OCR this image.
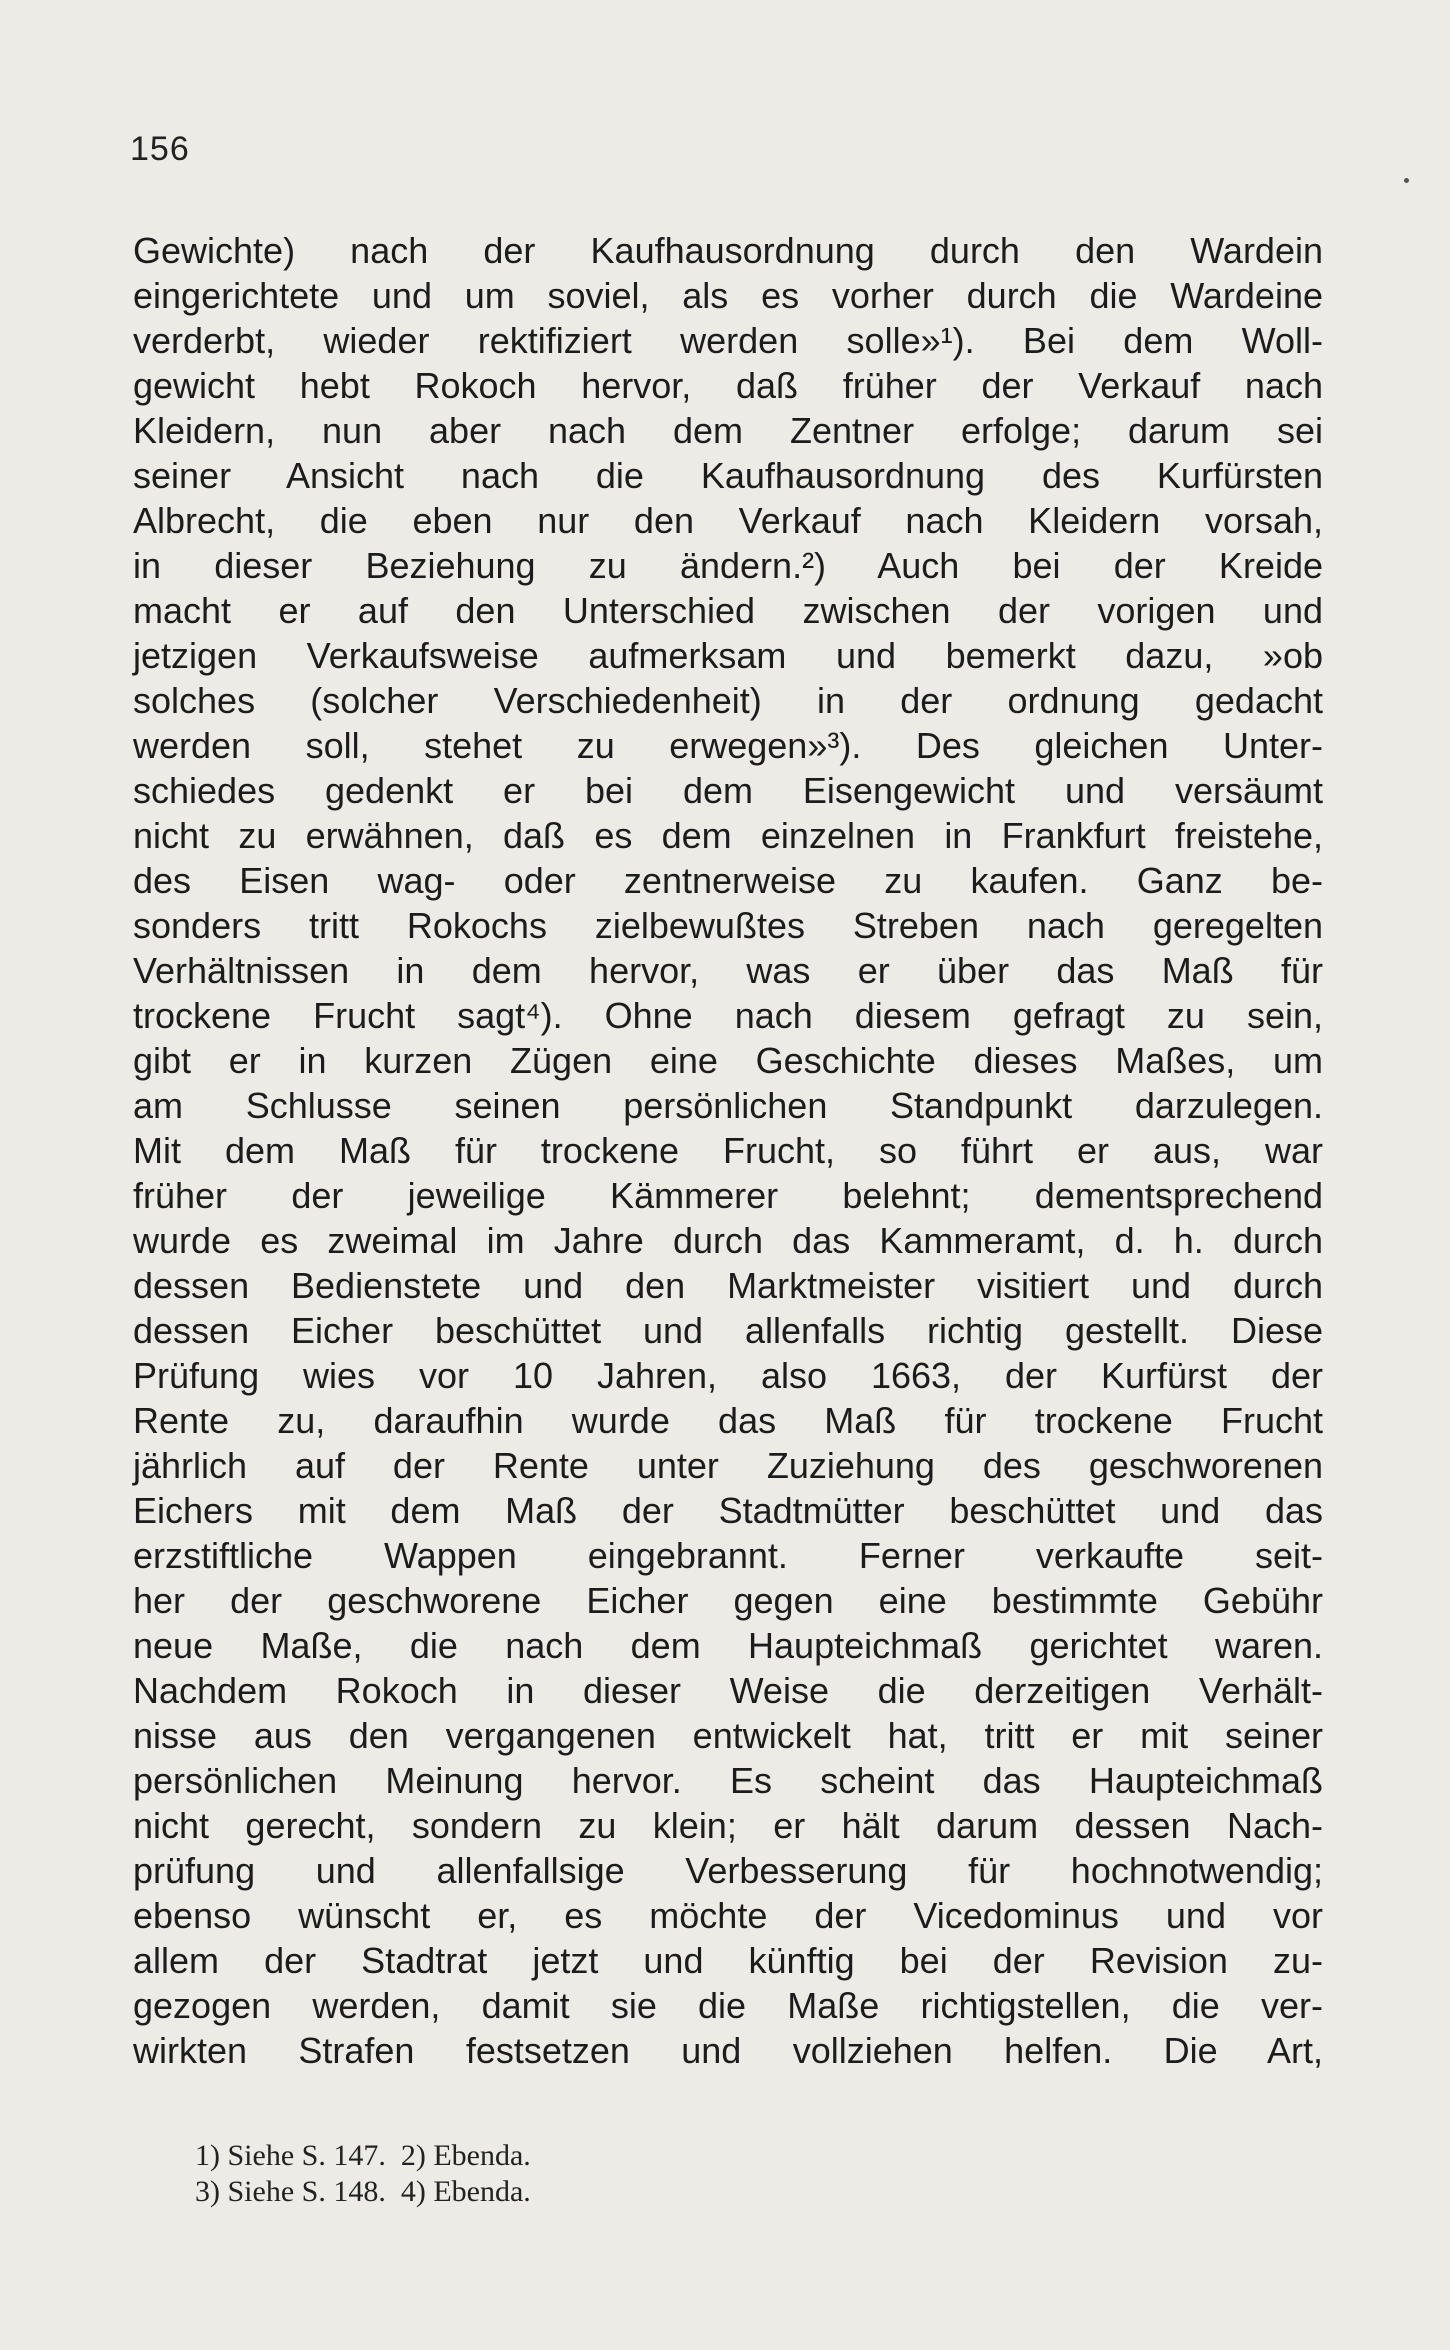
156
Gewichte) nach der Kaufhausordnung durch den Wardein
eingerichtete und um soviel, als es vorher durch die Wardeine
verderbt, wieder rektifiziert werden solle»¹). Bei dem Woll-
gewicht hebt Rokoch hervor, daß früher der Verkauf nach
Kleidern, nun aber nach dem Zentner erfolge; darum sei
seiner Ansicht nach die Kaufhausordnung des Kurfürsten
Albrecht, die eben nur den Verkauf nach Kleidern vorsah,
in dieser Beziehung zu ändern.²) Auch bei der Kreide
macht er auf den Unterschied zwischen der vorigen und
jetzigen Verkaufsweise aufmerksam und bemerkt dazu, »ob
solches (solcher Verschiedenheit) in der ordnung gedacht
werden soll, stehet zu erwegen»³). Des gleichen Unter-
schiedes gedenkt er bei dem Eisengewicht und versäumt
nicht zu erwähnen, daß es dem einzelnen in Frankfurt freistehe,
des Eisen wag- oder zentnerweise zu kaufen. Ganz be-
sonders tritt Rokochs zielbewußtes Streben nach geregelten
Verhältnissen in dem hervor, was er über das Maß für
trockene Frucht sagt⁴). Ohne nach diesem gefragt zu sein,
gibt er in kurzen Zügen eine Geschichte dieses Maßes, um
am Schlusse seinen persönlichen Standpunkt darzulegen.
Mit dem Maß für trockene Frucht, so führt er aus, war
früher der jeweilige Kämmerer belehnt; dementsprechend
wurde es zweimal im Jahre durch das Kammeramt, d. h. durch
dessen Bedienstete und den Marktmeister visitiert und durch
dessen Eicher beschüttet und allenfalls richtig gestellt. Diese
Prüfung wies vor 10 Jahren, also 1663, der Kurfürst der
Rente zu, daraufhin wurde das Maß für trockene Frucht
jährlich auf der Rente unter Zuziehung des geschworenen
Eichers mit dem Maß der Stadtmütter beschüttet und das
erzstiftliche Wappen eingebrannt. Ferner verkaufte seit-
her der geschworene Eicher gegen eine bestimmte Gebühr
neue Maße, die nach dem Haupteichmaß gerichtet waren.
Nachdem Rokoch in dieser Weise die derzeitigen Verhält-
nisse aus den vergangenen entwickelt hat, tritt er mit seiner
persönlichen Meinung hervor. Es scheint das Haupteichmaß
nicht gerecht, sondern zu klein; er hält darum dessen Nach-
prüfung und allenfallsige Verbesserung für hochnotwendig;
ebenso wünscht er, es möchte der Vicedominus und vor
allem der Stadtrat jetzt und künftig bei der Revision zu-
gezogen werden, damit sie die Maße richtigstellen, die ver-
wirkten Strafen festsetzen und vollziehen helfen. Die Art,
1) Siehe S. 147.  2) Ebenda.
3) Siehe S. 148.  4) Ebenda.
